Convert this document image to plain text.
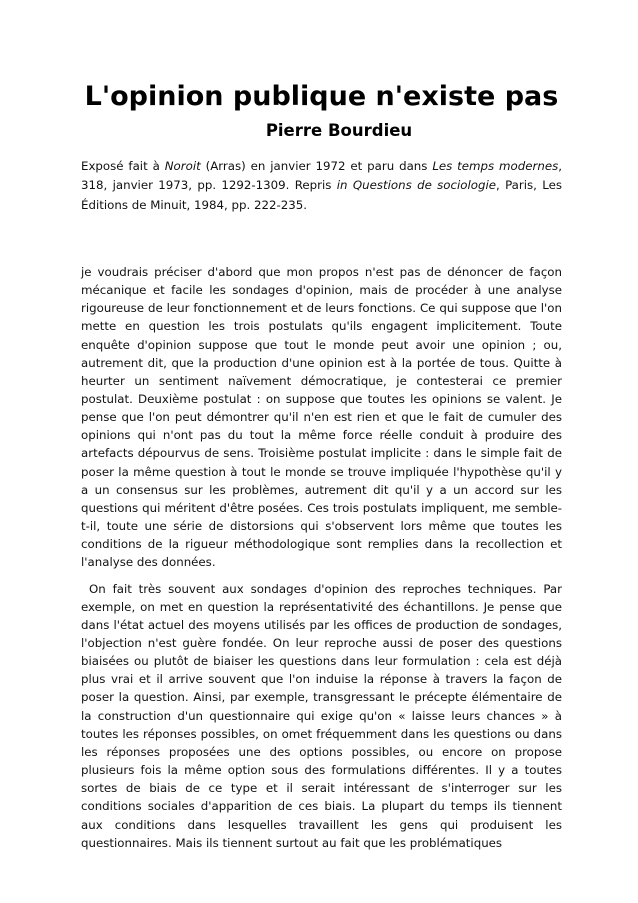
L'opinion publique n'existe pas
Pierre Bourdieu

Exposé fait à Noroit (Arras) en janvier 1972 et paru dans Les temps modernes, 318, janvier 1973, pp. 1292-1309. Repris in Questions de sociologie, Paris, Les Éditions de Minuit, 1984, pp. 222-235.

je voudrais préciser d'abord que mon propos n'est pas de dénoncer de façon mécanique et facile les sondages d'opinion, mais de procéder à une analyse rigoureuse de leur fonctionnement et de leurs fonctions. Ce qui suppose que l'on mette en question les trois postulats qu'ils engagent implicitement. Toute enquête d'opinion suppose que tout le monde peut avoir une opinion ; ou, autrement dit, que la production d'une opinion est à la portée de tous. Quitte à heurter un sentiment naïvement démocratique, je contesterai ce premier postulat. Deuxième postulat : on suppose que toutes les opinions se valent. Je pense que l'on peut démontrer qu'il n'en est rien et que le fait de cumuler des opinions qui n'ont pas du tout la même force réelle conduit à produire des artefacts dépourvus de sens. Troisième postulat implicite : dans le simple fait de poser la même question à tout le monde se trouve impliquée l'hypothèse qu'il y a un consensus sur les problèmes, autrement dit qu'il y a un accord sur les questions qui méritent d'être posées. Ces trois postulats impliquent, me semble-t-il, toute une série de distorsions qui s'observent lors même que toutes les conditions de la rigueur méthodologique sont remplies dans la recollection et l'analyse des données.

On fait très souvent aux sondages d'opinion des reproches techniques. Par exemple, on met en question la représentativité des échantillons. Je pense que dans l'état actuel des moyens utilisés par les offices de production de sondages, l'objection n'est guère fondée. On leur reproche aussi de poser des questions biaisées ou plutôt de biaiser les questions dans leur formulation : cela est déjà plus vrai et il arrive souvent que l'on induise la réponse à travers la façon de poser la question. Ainsi, par exemple, transgressant le précepte élémentaire de la construction d'un questionnaire qui exige qu'on « laisse leurs chances » à toutes les réponses possibles, on omet fréquemment dans les questions ou dans les réponses proposées une des options possibles, ou encore on propose plusieurs fois la même option sous des formulations différentes. Il y a toutes sortes de biais de ce type et il serait intéressant de s'interroger sur les conditions sociales d'apparition de ces biais. La plupart du temps ils tiennent aux conditions dans lesquelles travaillent les gens qui produisent les questionnaires. Mais ils tiennent surtout au fait que les problématiques
